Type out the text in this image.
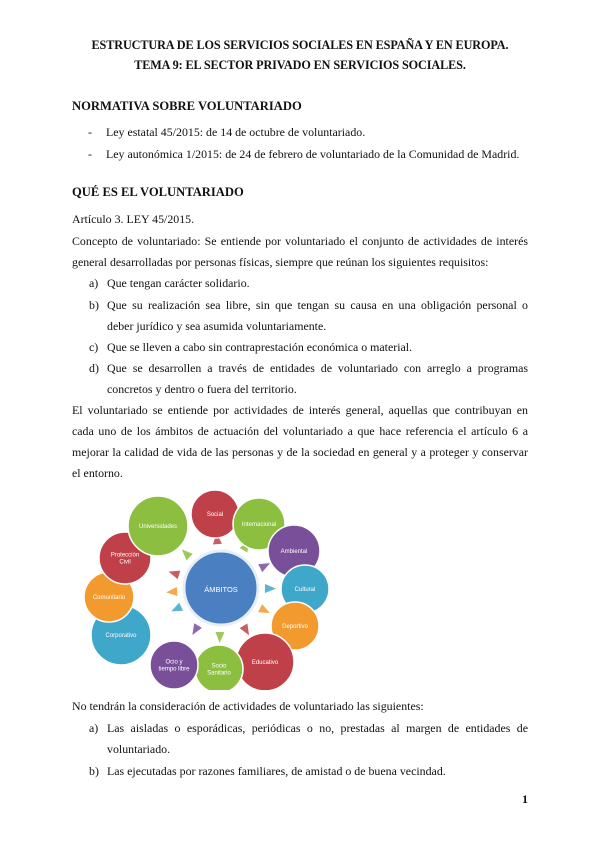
ESTRUCTURA DE LOS SERVICIOS SOCIALES EN ESPAÑA Y EN EUROPA.
TEMA 9: EL SECTOR PRIVADO EN SERVICIOS SOCIALES.
NORMATIVA SOBRE VOLUNTARIADO
- Ley estatal 45/2015: de 14 de octubre de voluntariado.
- Ley autonómica 1/2015: de 24 de febrero de voluntariado de la Comunidad de Madrid.
QUÉ ES EL VOLUNTARIADO
Artículo 3. LEY 45/2015.
Concepto de voluntariado: Se entiende por voluntariado el conjunto de actividades de interés
general desarrolladas por personas físicas, siempre que reúnan los siguientes requisitos:
a) Que tengan carácter solidario.
b) Que su realización sea libre, sin que tengan su causa en una obligación personal o
deber jurídico y sea asumida voluntariamente.
c) Que se lleven a cabo sin contraprestación económica o material.
d) Que se desarrollen a través de entidades de voluntariado con arreglo a programas
concretos y dentro o fuera del territorio.
El voluntariado se entiende por actividades de interés general, aquellas que contribuyan en
cada uno de los ámbitos de actuación del voluntariado a que hace referencia el artículo 6 a
mejorar la calidad de vida de las personas y de la sociedad en general y a proteger y conservar
el entorno.
Social
Internacional
Ambiental
Cultural
Deportivo
Educativo
Socio
Sanitario
Ocio y
tiempo libre
Corporativo
Comunitario
Protección
Civil
Universidades
ÁMBITOS
No tendrán la consideración de actividades de voluntariado las siguientes:
a) Las aisladas o esporádicas, periódicas o no, prestadas al margen de entidades de
voluntariado.
b) Las ejecutadas por razones familiares, de amistad o de buena vecindad.
1
